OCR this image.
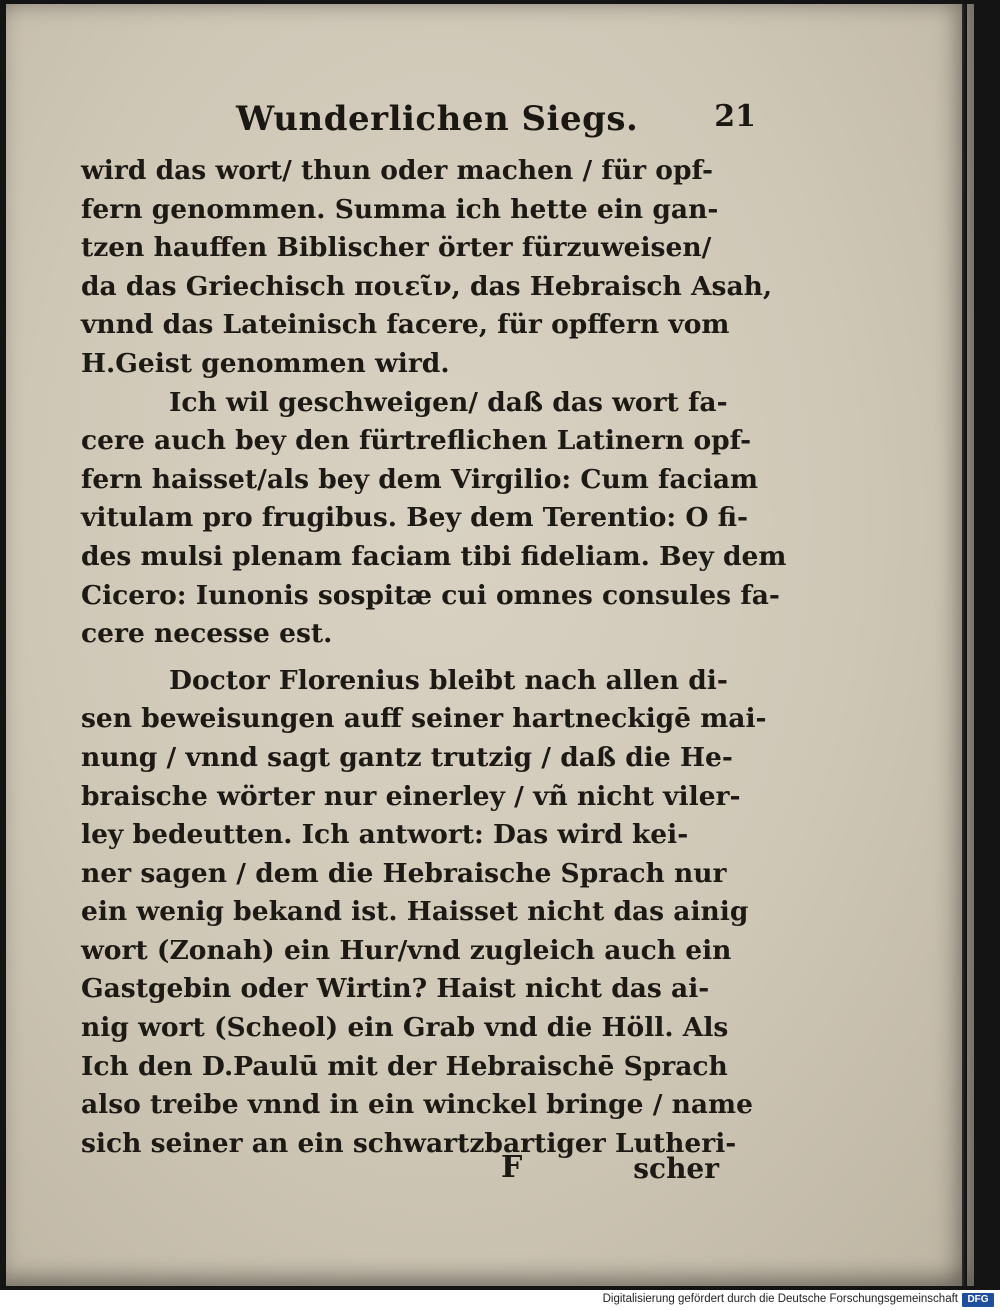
Wunderlichen Siegs.	21
wird das wort/ thun oder machen / für opf-
fern genommen. Summa ich hette ein gan-
tzen hauffen Biblischer örter fürzuweisen/
da das Griechisch ποιεῖν, das Hebraisch Asah,
vnnd das Lateinisch facere, für opffern vom
H.Geist genommen wird.
Ich wil geschweigen/ daß das wort fa-
cere auch bey den fürtreflichen Latinern opf-
fern haisset/als bey dem Virgilio: Cum faciam
vitulam pro frugibus. Bey dem Terentio: O fi-
des mulsi plenam faciam tibi fideliam. Bey dem
Cicero: Iunonis sospitæ cui omnes consules fa-
cere necesse est.
Doctor Florenius bleibt nach allen di-
sen beweisungen auff seiner hartneckigē mai-
nung / vnnd sagt gantz trutzig / daß die He-
braische wörter nur einerley / vñ nicht viler-
ley bedeutten. Ich antwort: Das wird kei-
ner sagen / dem die Hebraische Sprach nur
ein wenig bekand ist. Haisset nicht das ainig
wort (Zonah) ein Hur/vnd zugleich auch ein
Gastgebin oder Wirtin? Haist nicht das ai-
nig wort (Scheol) ein Grab vnd die Höll. Als
Ich den D.Paulū mit der Hebraischē Sprach
also treibe vnnd in ein winckel bringe / name
sich seiner an ein schwartzbartiger Lutheri-
F	scher
Digitalisierung gefördert durch die Deutsche Forschungsgemeinschaft DFG
